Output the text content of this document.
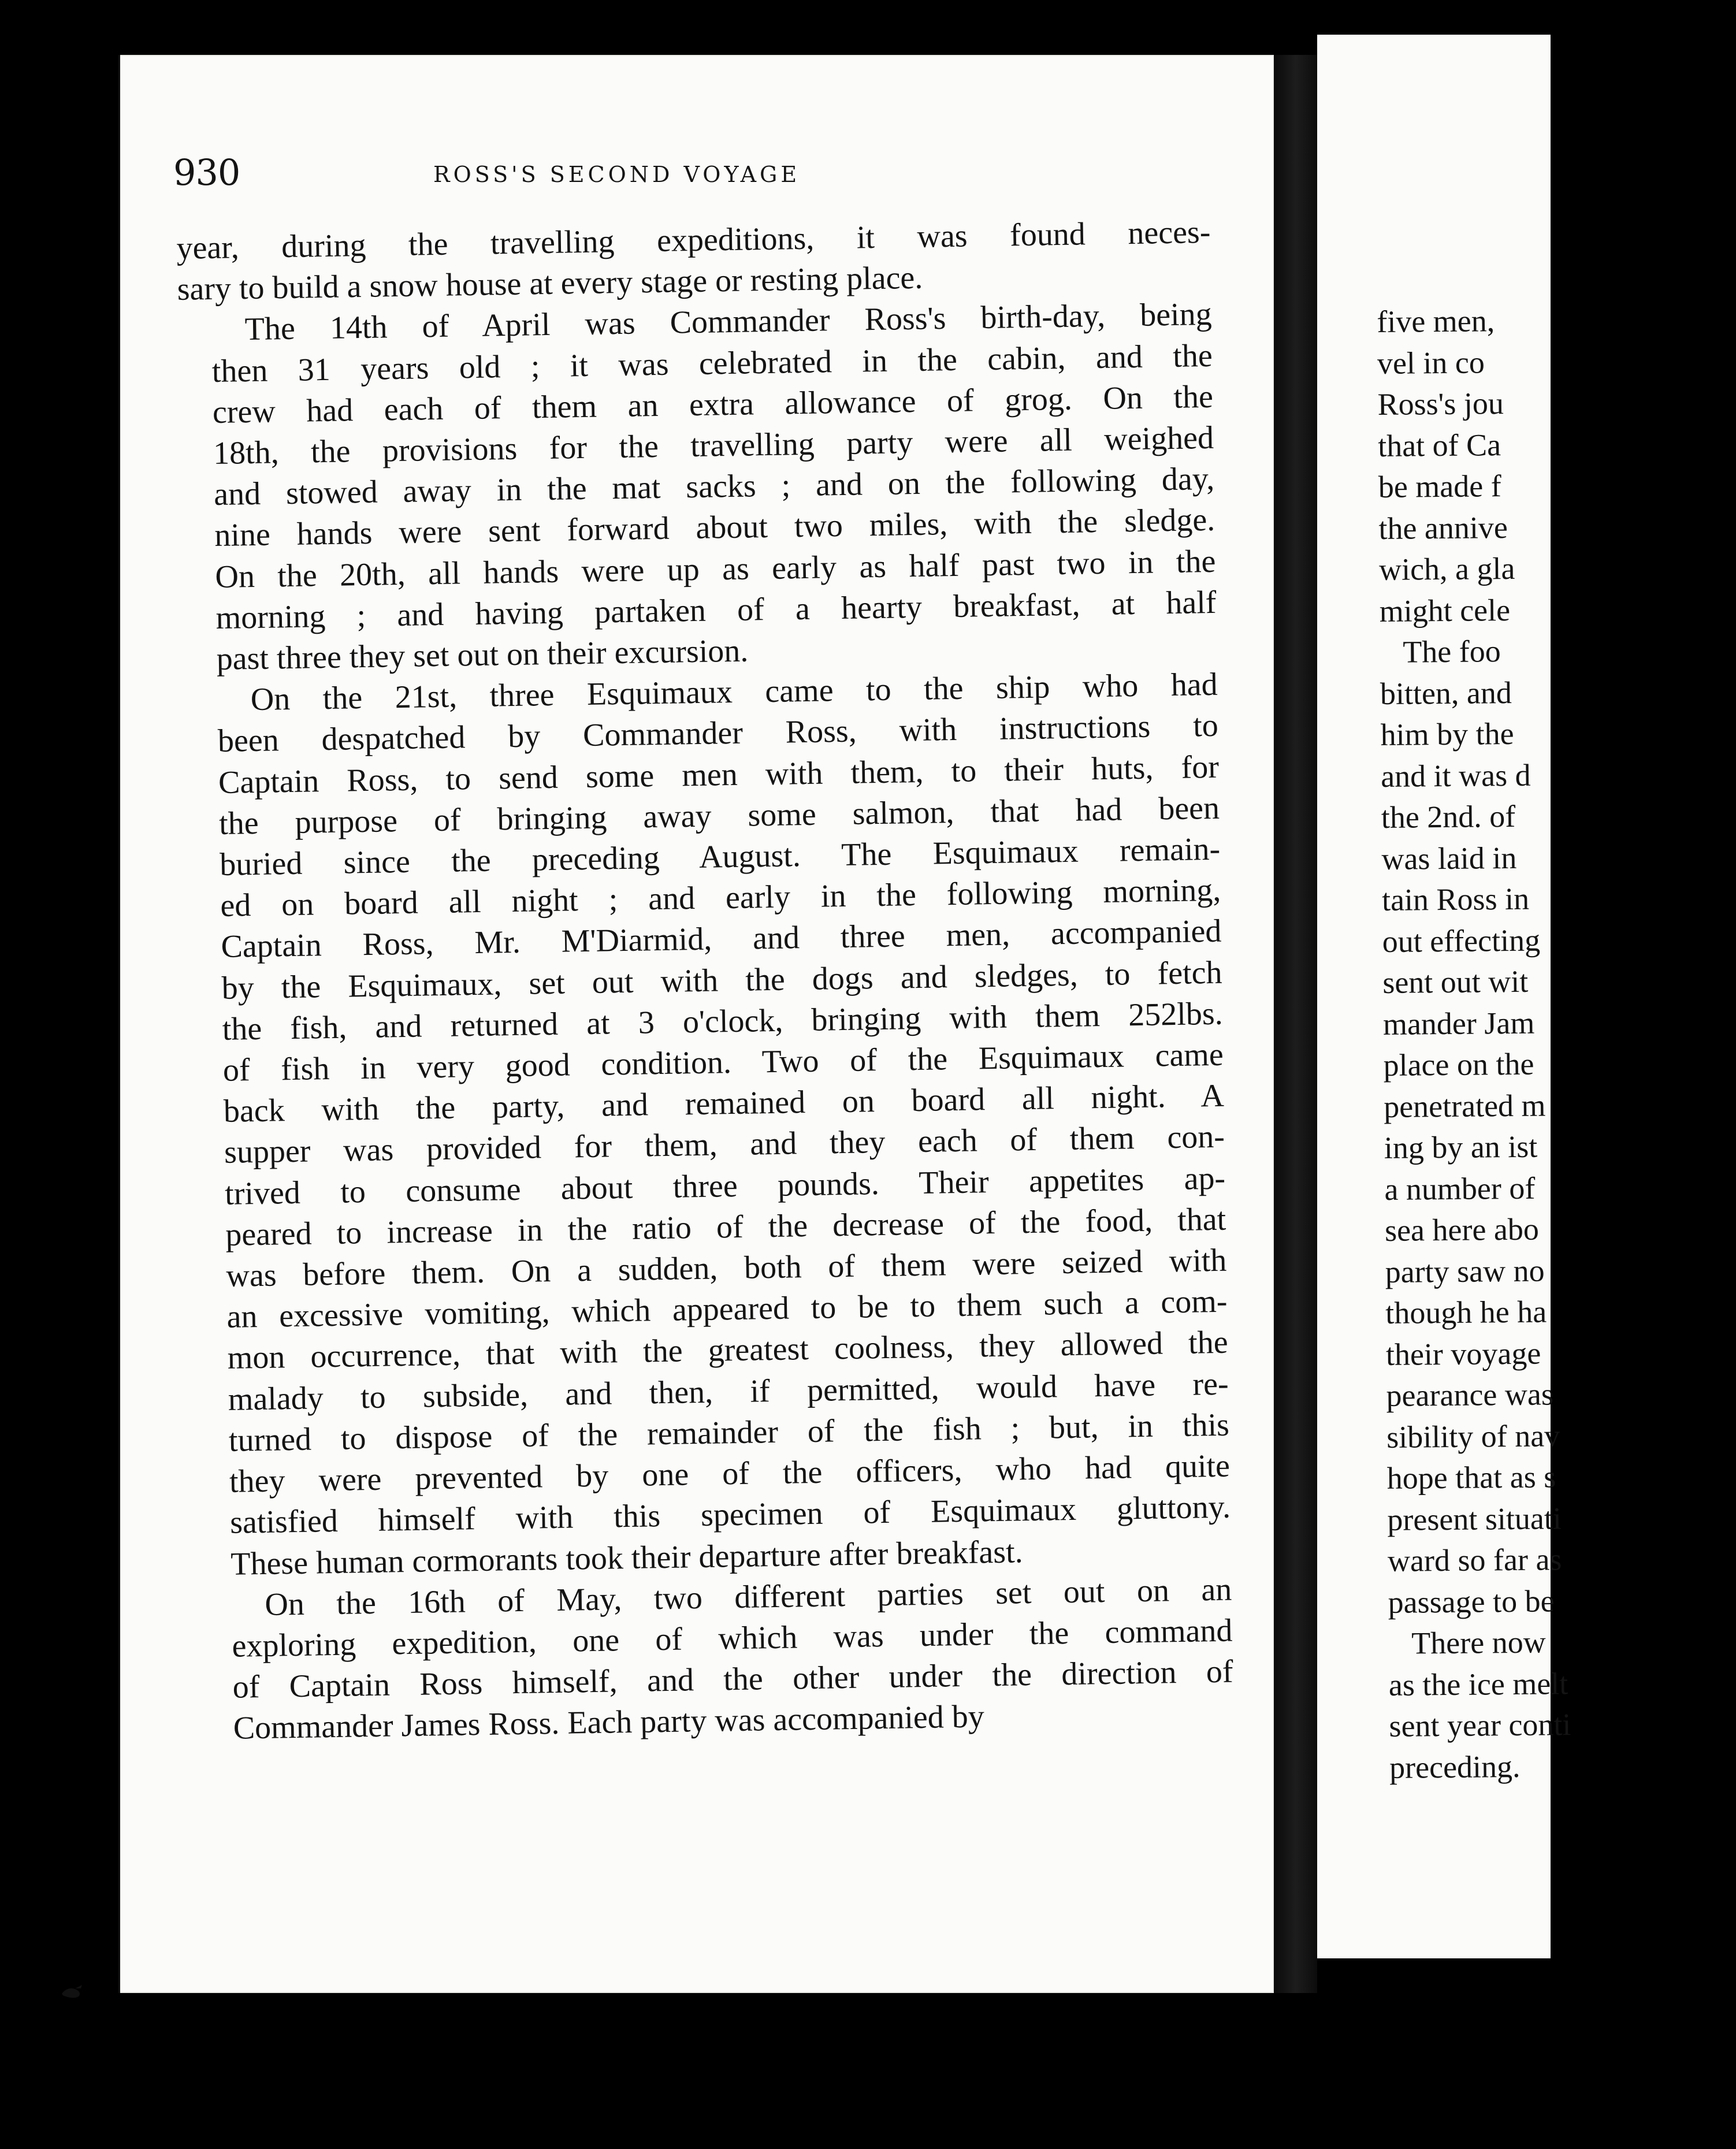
930	ROSS'S SECOND VOYAGE

year, during the travelling expeditions, it was found neces-
sary to build a snow house at every stage or resting place.

The 14th of April was Commander Ross's birth-day, being
then 31 years old ; it was celebrated in the cabin, and the
crew had each of them an extra allowance of grog. On the
18th, the provisions for the travelling party were all weighed
and stowed away in the mat sacks ; and on the following day,
nine hands were sent forward about two miles, with the sledge.
On the 20th, all hands were up as early as half past two in the
morning ; and having partaken of a hearty breakfast, at half
past three they set out on their excursion.

On the 21st, three Esquimaux came to the ship who had
been despatched by Commander Ross, with instructions to
Captain Ross, to send some men with them, to their huts, for
the purpose of bringing away some salmon, that had been
buried since the preceding August. The Esquimaux remain-
ed on board all night ; and early in the following morning,
Captain Ross, Mr. M'Diarmid, and three men, accompanied
by the Esquimaux, set out with the dogs and sledges, to fetch
the fish, and returned at 3 o'clock, bringing with them 252lbs.
of fish in very good condition. Two of the Esquimaux came
back with the party, and remained on board all night. A
supper was provided for them, and they each of them con-
trived to consume about three pounds. Their appetites ap-
peared to increase in the ratio of the decrease of the food, that
was before them. On a sudden, both of them were seized with
an excessive vomiting, which appeared to be to them such a com-
mon occurrence, that with the greatest coolness, they allowed the
malady to subside, and then, if permitted, would have re-
turned to dispose of the remainder of the fish ; but, in this
they were prevented by one of the officers, who had quite
satisfied himself with this specimen of Esquimaux gluttony.
These human cormorants took their departure after breakfast.

On the 16th of May, two different parties set out on an
exploring expedition, one of which was under the command
of Captain Ross himself, and the other under the direction of
Commander James Ross. Each party was accompanied by

five men,
vel in co
Ross's jou
that of Ca
be made f
the annive
wich, a gla
might cele
The foo
bitten, and
him by the
and it was d
the 2nd. of
was laid in
tain Ross in
out effecting
sent out wit
mander Jam
place on the
penetrated m
ing by an ist
a number of
sea here abo
party saw no
though he ha
their voyage
pearance was
sibility of nav
hope that as s
present situati
ward so far as
passage to be
There now
as the ice melt
sent year conti
preceding.
